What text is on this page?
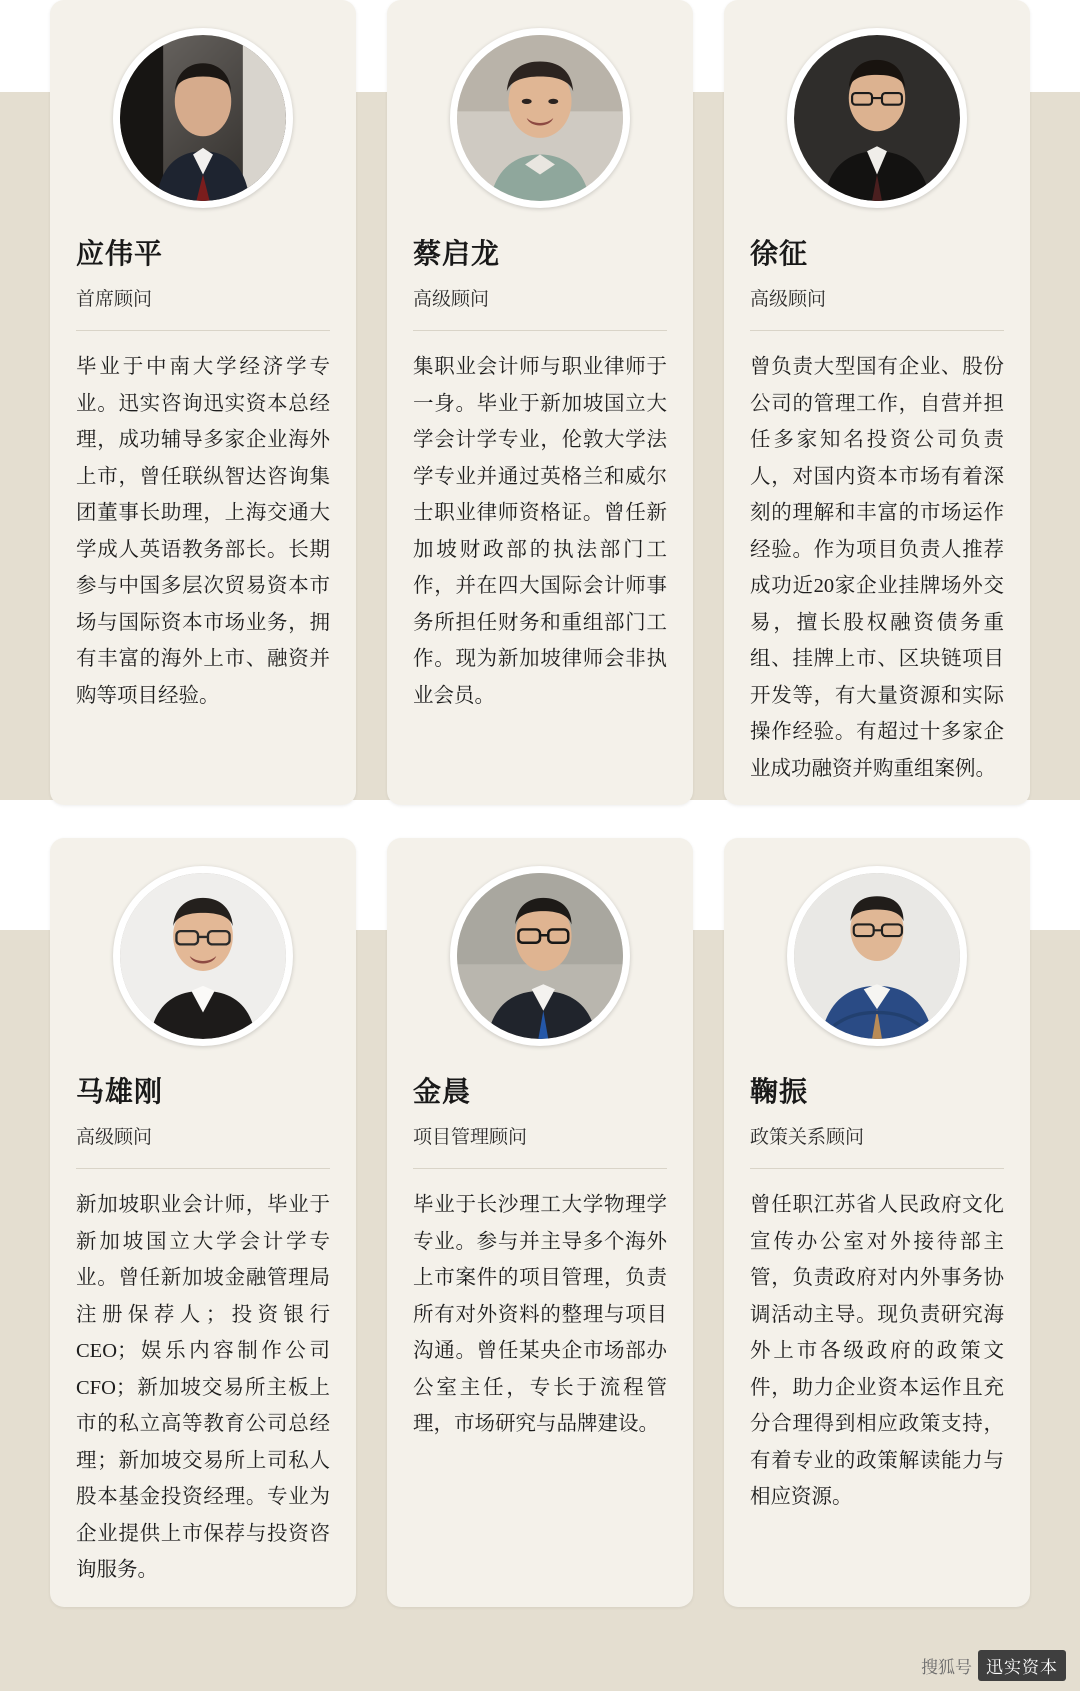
应伟平
首席顾问

毕业于中南大学经济学专业。迅实咨询迅实资本总经理，成功辅导多家企业海外上市，曾任联纵智达咨询集团董事长助理，上海交通大学成人英语教务部长。长期参与中国多层次贸易资本市场与国际资本市场业务，拥有丰富的海外上市、融资并购等项目经验。

蔡启龙
高级顾问

集职业会计师与职业律师于一身。毕业于新加坡国立大学会计学专业，伦敦大学法学专业并通过英格兰和威尔士职业律师资格证。曾任新加坡财政部的执法部门工作，并在四大国际会计师事务所担任财务和重组部门工作。现为新加坡律师会非执业会员。

徐征
高级顾问

曾负责大型国有企业、股份公司的管理工作，自营并担任多家知名投资公司负责人，对国内资本市场有着深刻的理解和丰富的市场运作经验。作为项目负责人推荐成功近20家企业挂牌场外交易，擅长股权融资债务重组、挂牌上市、区块链项目开发等，有大量资源和实际操作经验。有超过十多家企业成功融资并购重组案例。

马雄刚
高级顾问

新加坡职业会计师，毕业于新加坡国立大学会计学专业。曾任新加坡金融管理局注册保荐人；投资银行CEO；娱乐内容制作公司CFO；新加坡交易所主板上市的私立高等教育公司总经理；新加坡交易所上司私人股本基金投资经理。专业为企业提供上市保荐与投资咨询服务。

金晨
项目管理顾问

毕业于长沙理工大学物理学专业。参与并主导多个海外上市案件的项目管理，负责所有对外资料的整理与项目沟通。曾任某央企市场部办公室主任，专长于流程管理，市场研究与品牌建设。

鞠振
政策关系顾问

曾任职江苏省人民政府文化宣传办公室对外接待部主管，负责政府对内外事务协调活动主导。现负责研究海外上市各级政府的政策文件，助力企业资本运作且充分合理得到相应政策支持，有着专业的政策解读能力与相应资源。

搜狐号 迅实资本
